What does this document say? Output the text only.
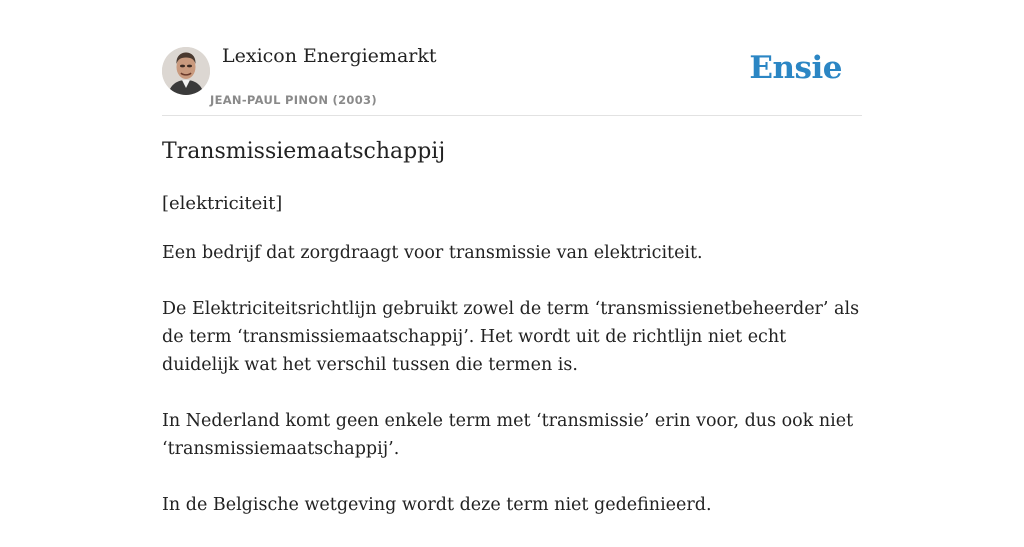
Lexicon Energiemarkt
JEAN-PAUL PINON (2003)
Ensie
Transmissiemaatschappij
[elektriciteit]

Een bedrijf dat zorgdraagt voor transmissie van elektriciteit.

De Elektriciteitsrichtlijn gebruikt zowel de term ‘transmissienetbeheerder’ als de term ‘transmissiemaatschappij’. Het wordt uit de richtlijn niet echt duidelijk wat het verschil tussen die termen is.

In Nederland komt geen enkele term met ‘transmissie’ erin voor, dus ook niet ‘transmissiemaatschappij’.

In de Belgische wetgeving wordt deze term niet gedefinieerd.
